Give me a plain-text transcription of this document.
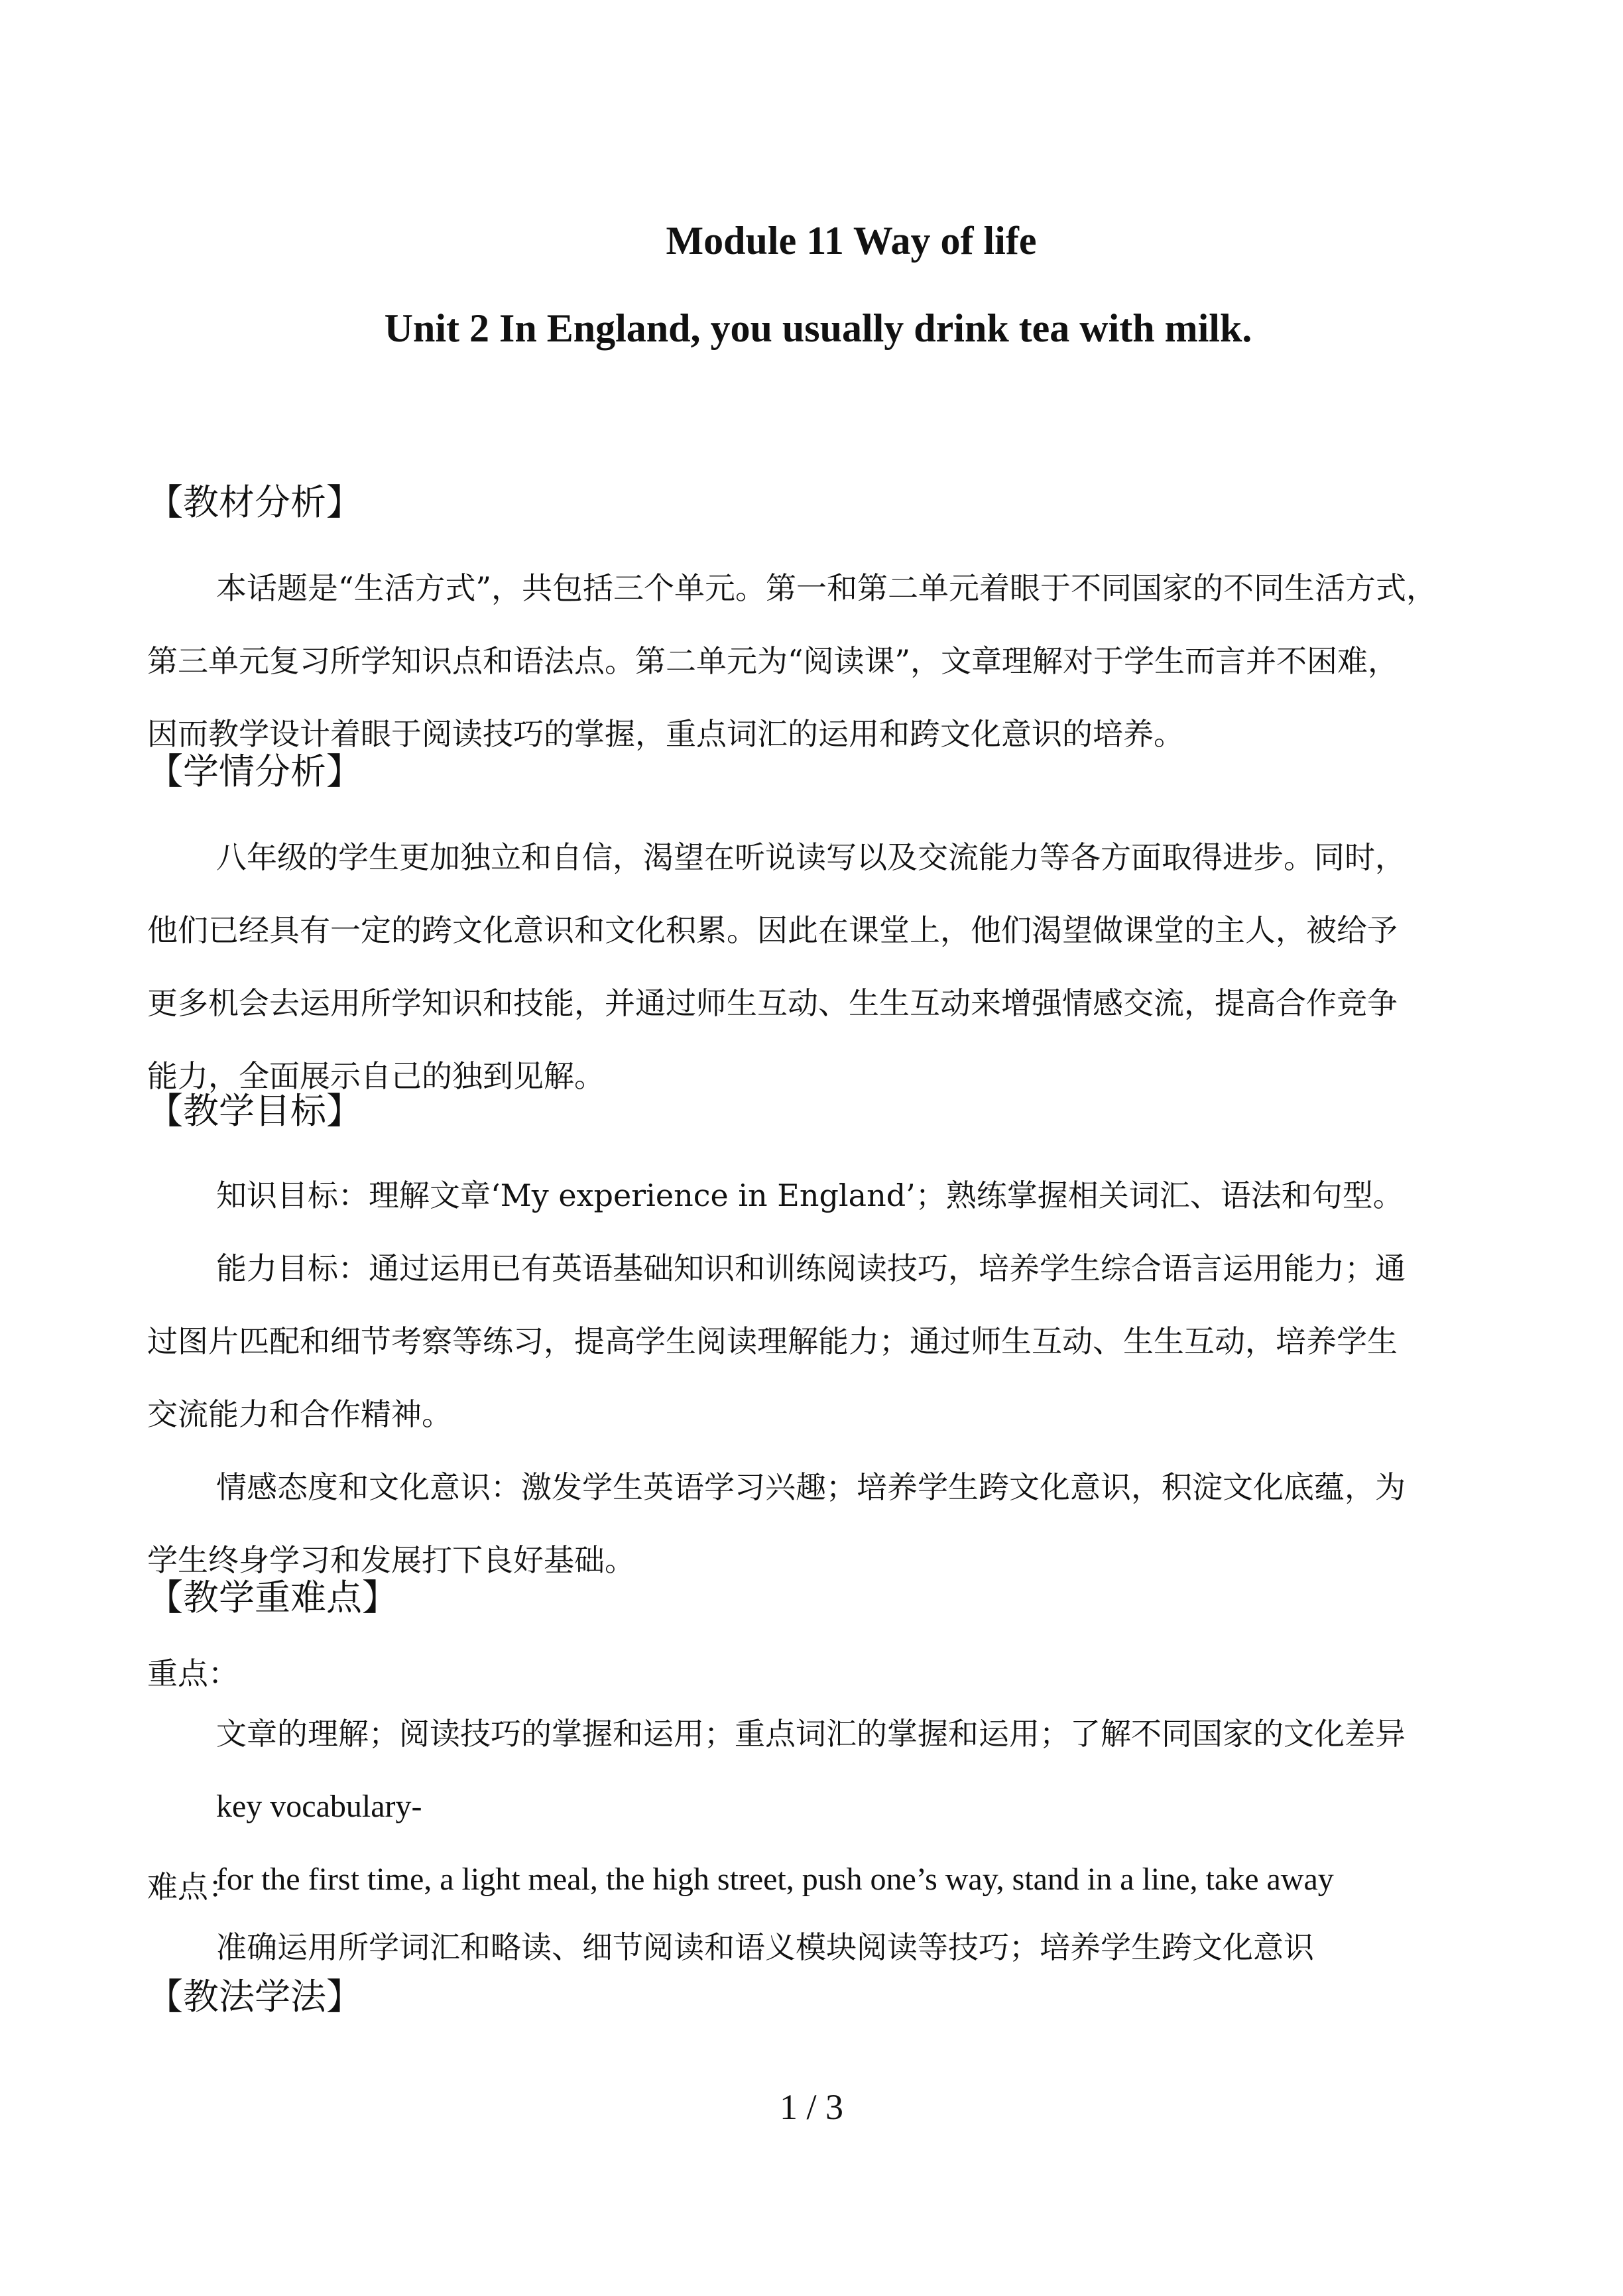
Module 11 Way of life
Unit 2 In England, you usually drink tea with milk.
【教材分析】
本话题是“生活方式”，共包括三个单元。第一和第二单元着眼于不同国家的不同生活方式，
第三单元复习所学知识点和语法点。第二单元为“阅读课”，文章理解对于学生而言并不困难，
因而教学设计着眼于阅读技巧的掌握，重点词汇的运用和跨文化意识的培养。
【学情分析】
八年级的学生更加独立和自信，渴望在听说读写以及交流能力等各方面取得进步。同时，
他们已经具有一定的跨文化意识和文化积累。因此在课堂上，他们渴望做课堂的主人，被给予
更多机会去运用所学知识和技能，并通过师生互动、生生互动来增强情感交流，提高合作竞争
能力，全面展示自己的独到见解。
【教学目标】
知识目标：理解文章‘My experience in England’；熟练掌握相关词汇、语法和句型。
能力目标：通过运用已有英语基础知识和训练阅读技巧，培养学生综合语言运用能力；通
过图片匹配和细节考察等练习，提高学生阅读理解能力；通过师生互动、生生互动，培养学生
交流能力和合作精神。
情感态度和文化意识：激发学生英语学习兴趣；培养学生跨文化意识，积淀文化底蕴，为
学生终身学习和发展打下良好基础。
【教学重难点】
重点：
文章的理解；阅读技巧的掌握和运用；重点词汇的掌握和运用；了解不同国家的文化差异
key vocabulary-
for the first time, a light meal, the high street, push one’s way, stand in a line, take away
难点：
准确运用所学词汇和略读、细节阅读和语义模块阅读等技巧；培养学生跨文化意识
【教法学法】
1 / 3
